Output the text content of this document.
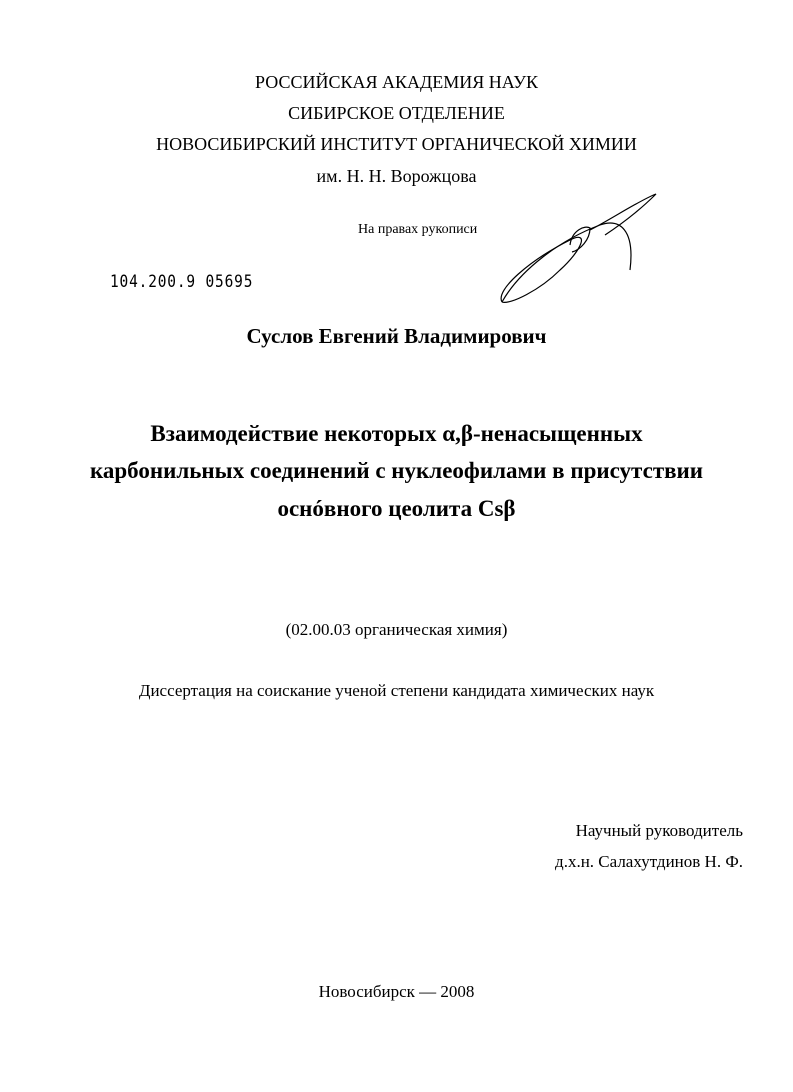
РОССИЙСКАЯ АКАДЕМИЯ НАУК
СИБИРСКОЕ ОТДЕЛЕНИЕ
НОВОСИБИРСКИЙ ИНСТИТУТ ОРГАНИЧЕСКОЙ ХИМИИ
им. Н. Н. Ворожцова
На правах рукописи
104.200.9 05695
Суслов Евгений Владимирович
Взаимодействие некоторых α,β-ненасыщенных
карбонильных соединений с нуклеофилами в присутствии
оснóвного цеолита Csβ
(02.00.03 органическая химия)
Диссертация на соискание ученой степени кандидата химических наук
Научный руководитель
д.х.н. Салахутдинов Н. Ф.
Новосибирск — 2008
